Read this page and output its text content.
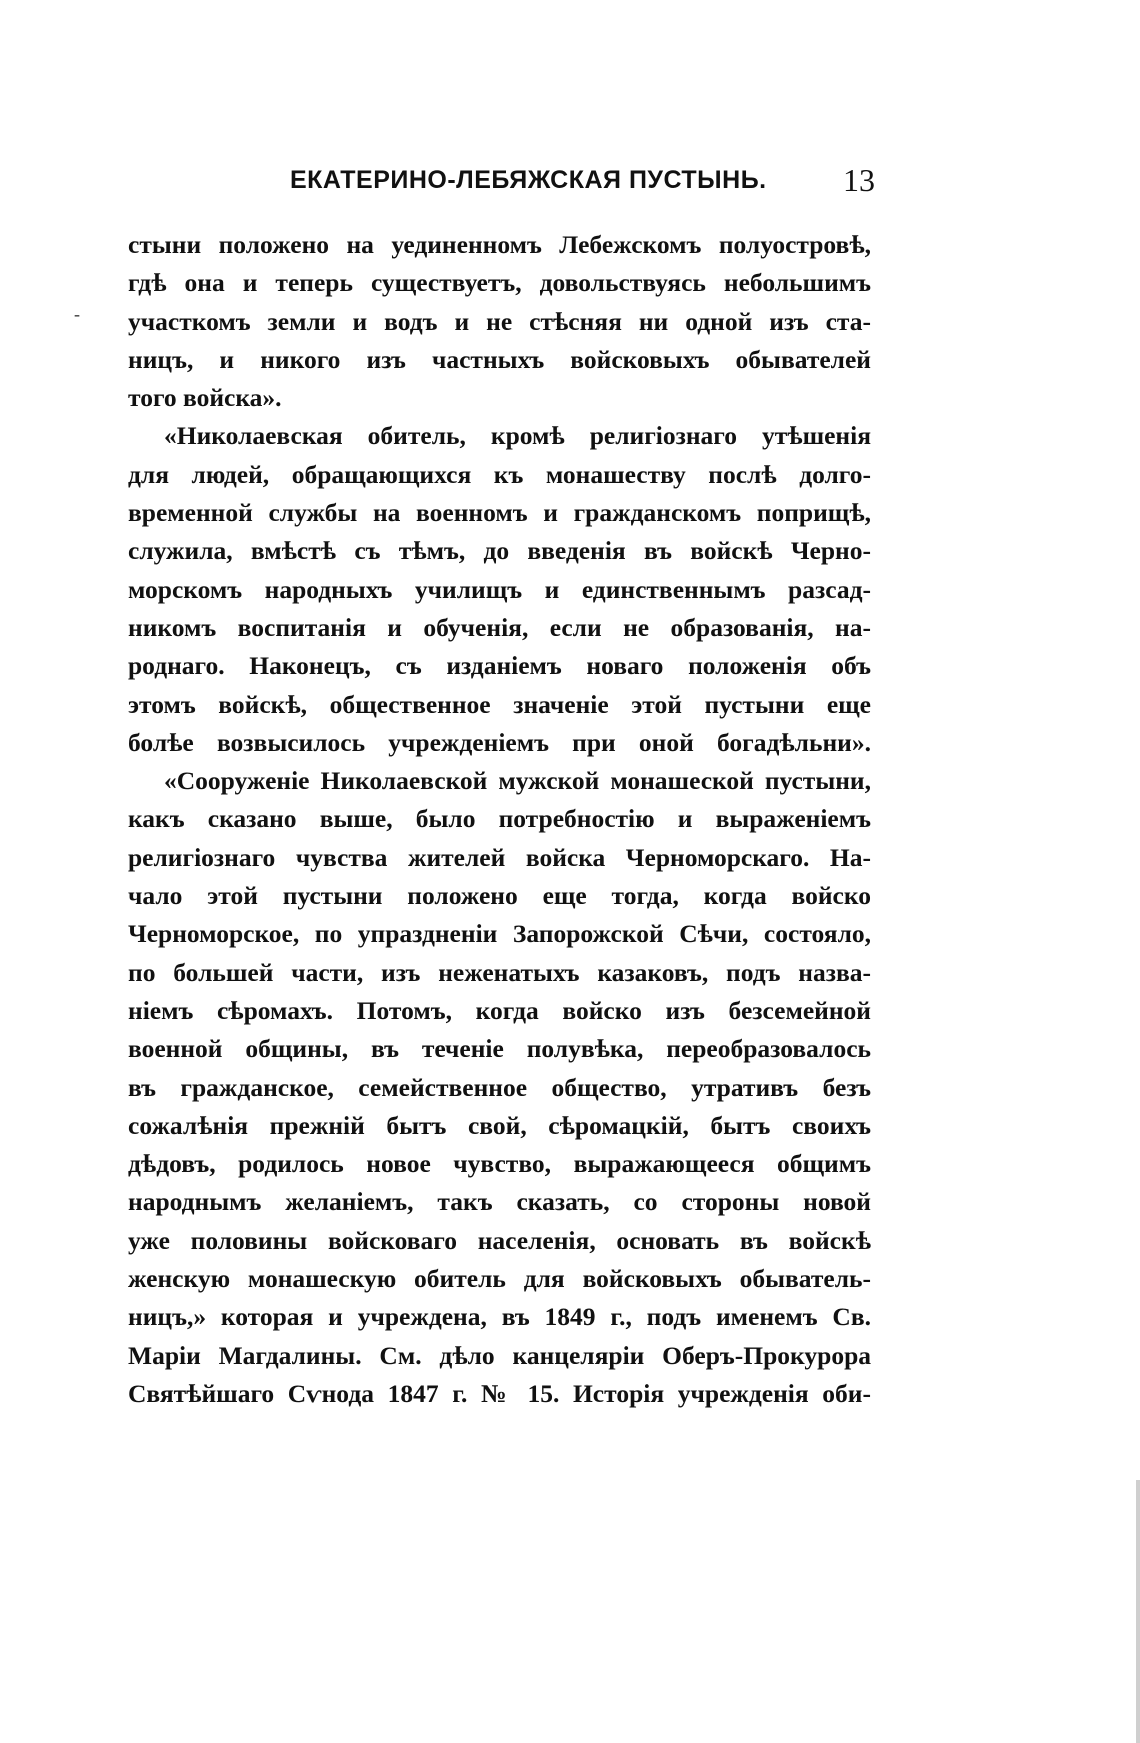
ЕКАТЕРИНО-ЛЕБЯЖСКАЯ ПУСТЫНЬ. 13
-
стыни положено на уединенномъ Лебежскомъ полуостровѣ,
гдѣ она и теперь существуетъ, довольствуясь небольшимъ
участкомъ земли и водъ и не стѣсняя ни одной изъ ста-
ницъ, и никого изъ частныхъ войсковыхъ обывателей
того войска».
«Николаевская обитель, кромѣ религіознаго утѣшенія
для людей, обращающихся къ монашеству послѣ долго-
временной службы на военномъ и гражданскомъ поприщѣ,
служила, вмѣстѣ съ тѣмъ, до введенія въ войскѣ Черно-
морскомъ народныхъ училищъ и единственнымъ разсад-
никомъ воспитанія и обученія, если не образованія, на-
роднаго. Наконецъ, съ изданіемъ новаго положенія объ
этомъ войскѣ, общественное значеніе этой пустыни еще
болѣе возвысилось учрежденіемъ при оной богадѣльни».
«Сооруженіе Николаевской мужской монашеской пустыни,
какъ сказано выше, было потребностію и выраженіемъ
религіознаго чувства жителей войска Черноморскаго. На-
чало этой пустыни положено еще тогда, когда войско
Черноморское, по упраздненіи Запорожской Сѣчи, состояло,
по большей части, изъ неженатыхъ казаковъ, подъ назва-
ніемъ сѣромахъ. Потомъ, когда войско изъ безсемейной
военной общины, въ теченіе полувѣка, переобразовалось
въ гражданское, семейственное общество, утративъ безъ
сожалѣнія прежній бытъ свой, сѣромацкій, бытъ своихъ
дѣдовъ, родилось новое чувство, выражающееся общимъ
народнымъ желаніемъ, такъ сказать, со стороны новой
уже половины войсковаго населенія, основать въ войскѣ
женскую монашескую обитель для войсковыхъ обыватель-
ницъ,» которая и учреждена, въ 1849 г., подъ именемъ Св.
Маріи Магдалины. См. дѣло канцеляріи Оберъ-Прокурора
Святѣйшаго Сѵнода 1847 г. № 15. Исторія учрежденія оби-
